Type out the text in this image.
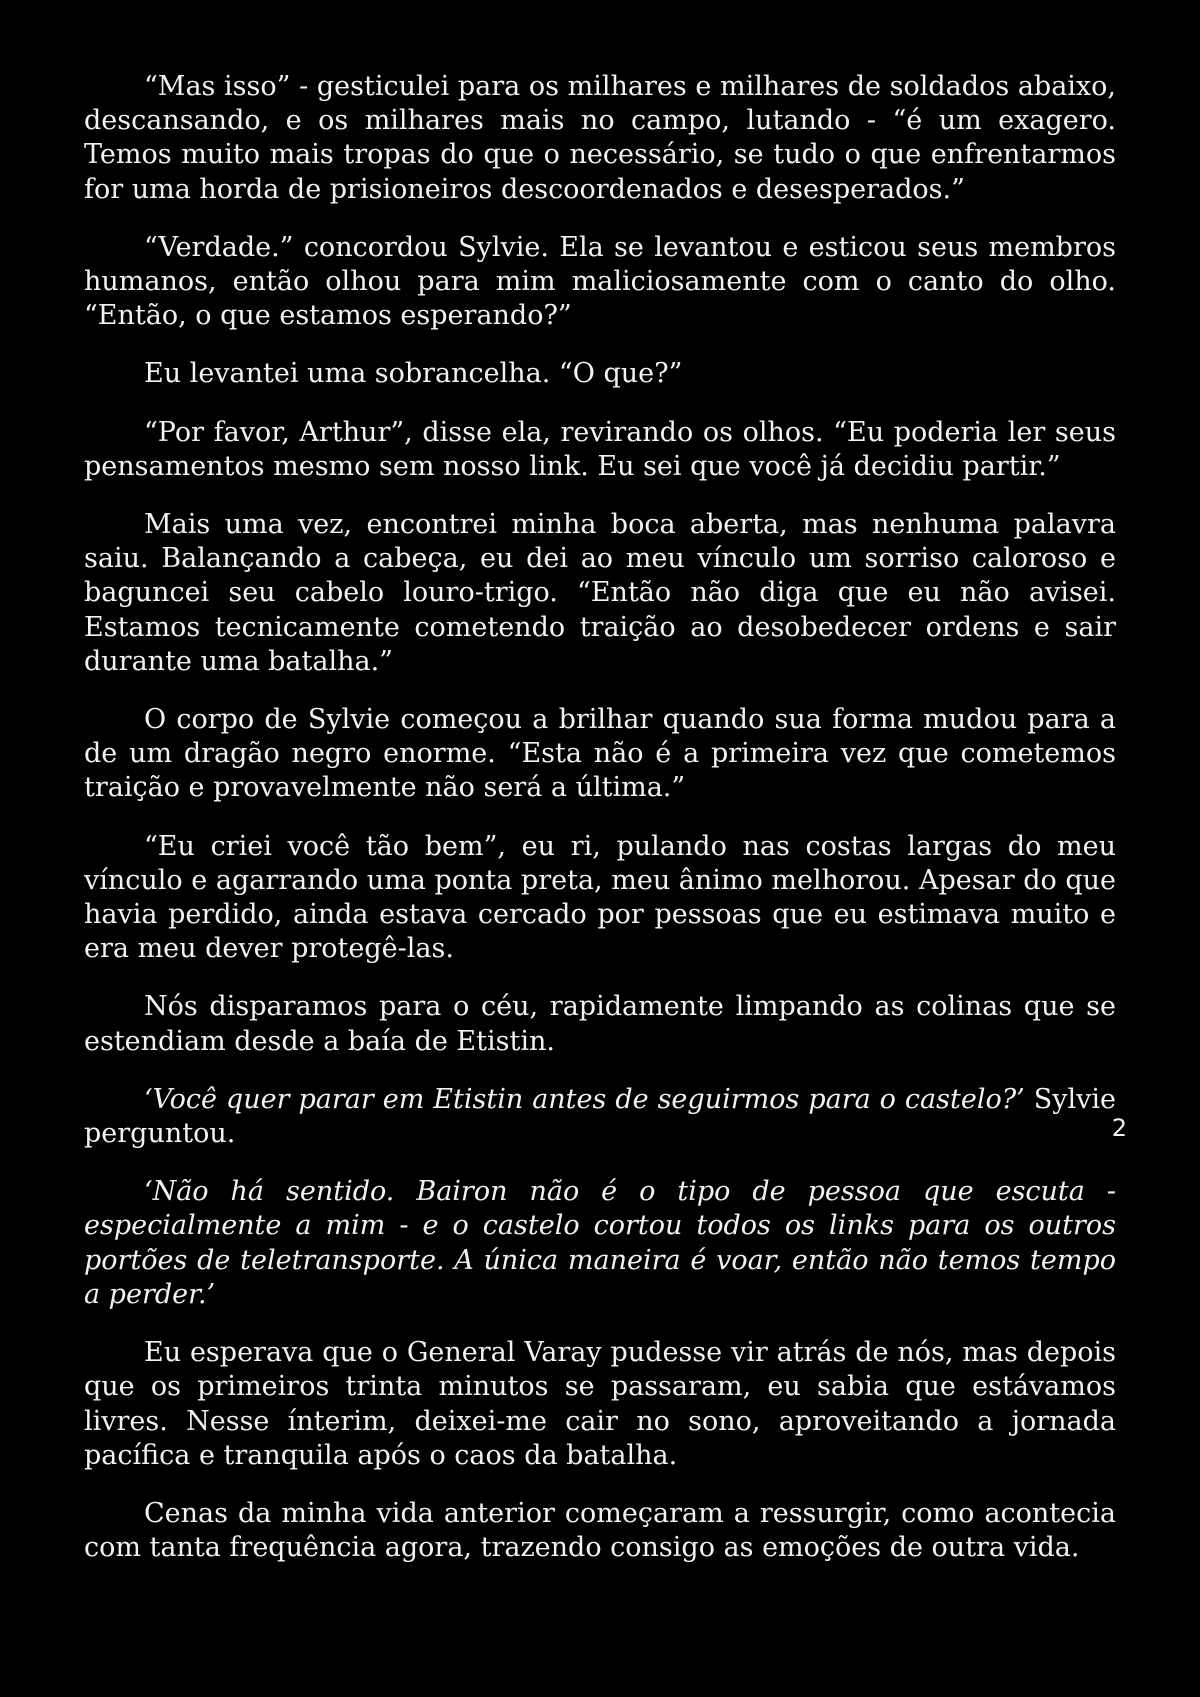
“Mas isso” - gesticulei para os milhares e milhares de soldados abaixo, descansando, e os milhares mais no campo, lutando - “é um exagero. Temos muito mais tropas do que o necessário, se tudo o que enfrentarmos for uma horda de prisioneiros descoordenados e desesperados.”

“Verdade.” concordou Sylvie. Ela se levantou e esticou seus membros humanos, então olhou para mim maliciosamente com o canto do olho. “Então, o que estamos esperando?”

Eu levantei uma sobrancelha. “O que?”

“Por favor, Arthur”, disse ela, revirando os olhos. “Eu poderia ler seus pensamentos mesmo sem nosso link. Eu sei que você já decidiu partir.”

Mais uma vez, encontrei minha boca aberta, mas nenhuma palavra saiu. Balançando a cabeça, eu dei ao meu vínculo um sorriso caloroso e baguncei seu cabelo louro-trigo. “Então não diga que eu não avisei. Estamos tecnicamente cometendo traição ao desobedecer ordens e sair durante uma batalha.”

O corpo de Sylvie começou a brilhar quando sua forma mudou para a de um dragão negro enorme. “Esta não é a primeira vez que cometemos traição e provavelmente não será a última.”

“Eu criei você tão bem”, eu ri, pulando nas costas largas do meu vínculo e agarrando uma ponta preta, meu ânimo melhorou. Apesar do que havia perdido, ainda estava cercado por pessoas que eu estimava muito e era meu dever protegê-las.

Nós disparamos para o céu, rapidamente limpando as colinas que se estendiam desde a baía de Etistin.

‘Você quer parar em Etistin antes de seguirmos para o castelo?’ Sylvie perguntou.

‘Não há sentido. Bairon não é o tipo de pessoa que escuta - especialmente a mim - e o castelo cortou todos os links para os outros portões de teletransporte. A única maneira é voar, então não temos tempo a perder.’

Eu esperava que o General Varay pudesse vir atrás de nós, mas depois que os primeiros trinta minutos se passaram, eu sabia que estávamos livres. Nesse ínterim, deixei-me cair no sono, aproveitando a jornada pacífica e tranquila após o caos da batalha.

Cenas da minha vida anterior começaram a ressurgir, como acontecia com tanta frequência agora, trazendo consigo as emoções de outra vida.

2
